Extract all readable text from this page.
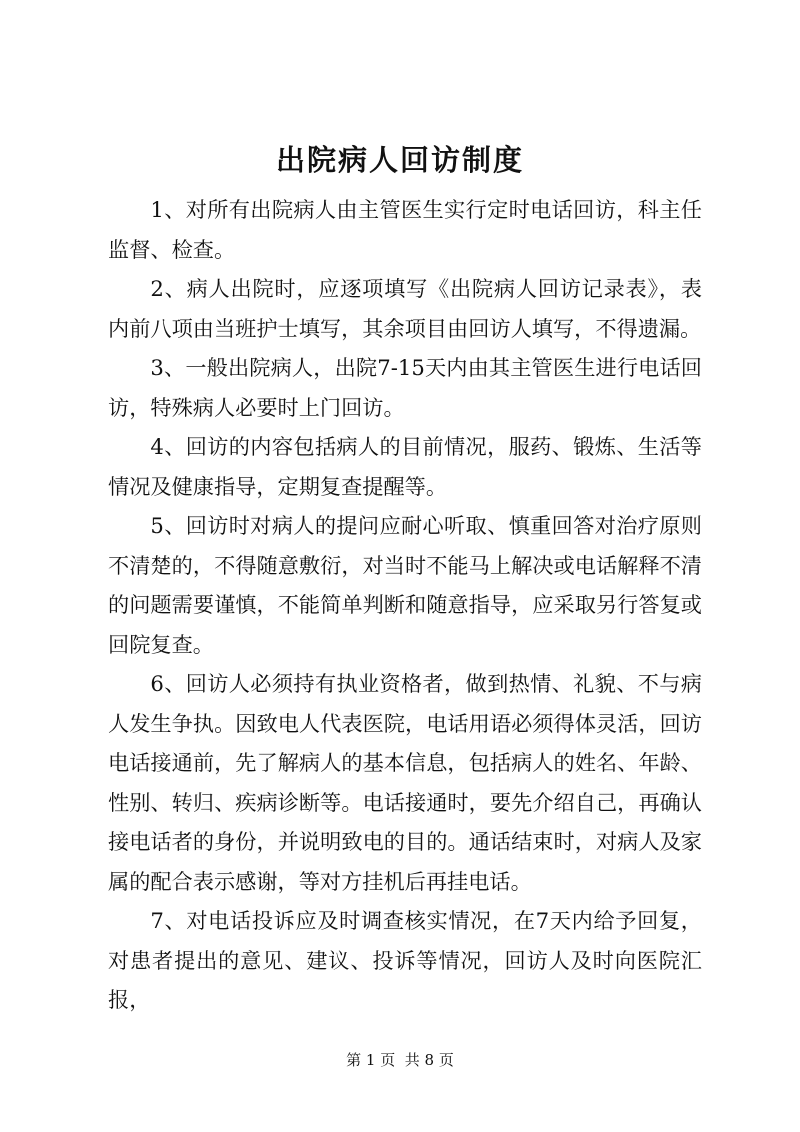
出院病人回访制度

1、对所有出院病人由主管医生实行定时电话回访，科主任监督、检查。

2、病人出院时，应逐项填写《出院病人回访记录表》，表内前八项由当班护士填写，其余项目由回访人填写，不得遗漏。

3、一般出院病人，出院7-15天内由其主管医生进行电话回访，特殊病人必要时上门回访。

4、回访的内容包括病人的目前情况，服药、锻炼、生活等情况及健康指导，定期复查提醒等。

5、回访时对病人的提问应耐心听取、慎重回答对治疗原则不清楚的，不得随意敷衍，对当时不能马上解决或电话解释不清的问题需要谨慎，不能简单判断和随意指导，应采取另行答复或回院复查。

6、回访人必须持有执业资格者，做到热情、礼貌、不与病人发生争执。因致电人代表医院，电话用语必须得体灵活，回访电话接通前，先了解病人的基本信息，包括病人的姓名、年龄、性别、转归、疾病诊断等。电话接通时，要先介绍自己，再确认接电话者的身份，并说明致电的目的。通话结束时，对病人及家属的配合表示感谢，等对方挂机后再挂电话。

7、对电话投诉应及时调查核实情况，在7天内给予回复，对患者提出的意见、建议、投诉等情况，回访人及时向医院汇报，

第 1 页  共 8 页
